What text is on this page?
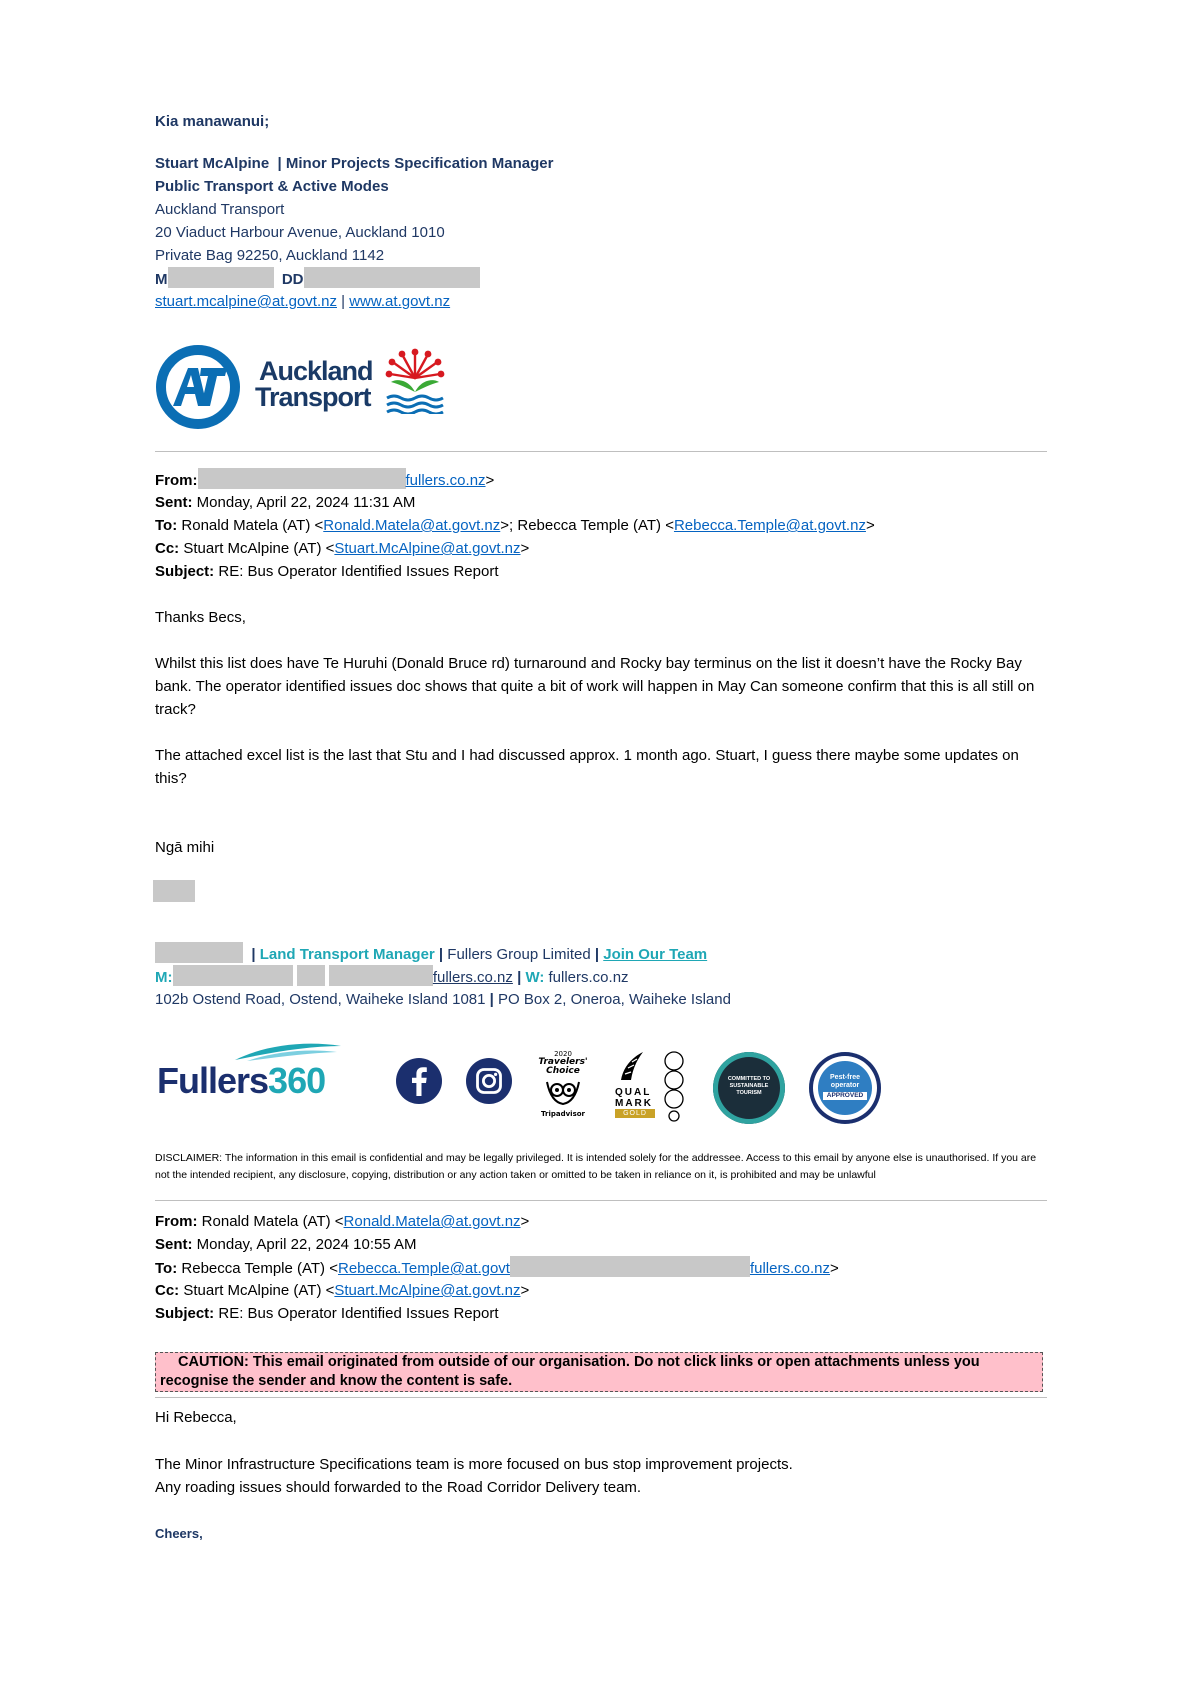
Kia manawanui;
Stuart McAlpine  | Minor Projects Specification Manager
Public Transport & Active Modes
Auckland Transport
20 Viaduct Harbour Avenue, Auckland 1010
Private Bag 92250, Auckland 1142
M	DD
stuart.mcalpine@at.govt.nz | www.at.govt.nz
Auckland
Transport
From:	fullers.co.nz>
Sent: Monday, April 22, 2024 11:31 AM
To: Ronald Matela (AT) <Ronald.Matela@at.govt.nz>; Rebecca Temple (AT) <Rebecca.Temple@at.govt.nz>
Cc: Stuart McAlpine (AT) <Stuart.McAlpine@at.govt.nz>
Subject: RE: Bus Operator Identified Issues Report
Thanks Becs,
Whilst this list does have Te Huruhi (Donald Bruce rd) turnaround and Rocky bay terminus on the list it doesn’t have the Rocky Bay bank. The operator identified issues doc shows that quite a bit of work will happen in May Can someone confirm that this is all still on track?
The attached excel list is the last that Stu and I had discussed approx. 1 month ago. Stuart, I guess there maybe some updates on this?
Ngā mihi
| Land Transport Manager | Fullers Group Limited | Join Our Team
M:	fullers.co.nz | W: fullers.co.nz
102b Ostend Road, Ostend, Waiheke Island 1081 | PO Box 2, Oneroa, Waiheke Island
Fullers360
2020
Travelers'
Choice
Tripadvisor
QUAL
MARK
GOLD
COMMITTED TO
SUSTAINABLE
TOURISM
Pest-free
operator
APPROVED
DISCLAIMER: The information in this email is confidential and may be legally privileged. It is intended solely for the addressee. Access to this email by anyone else is unauthorised. If you are not the intended recipient, any disclosure, copying, distribution or any action taken or omitted to be taken in reliance on it, is prohibited and may be unlawful
From: Ronald Matela (AT) <Ronald.Matela@at.govt.nz>
Sent: Monday, April 22, 2024 10:55 AM
To: Rebecca Temple (AT) <Rebecca.Temple@at.govt	fullers.co.nz>
Cc: Stuart McAlpine (AT) <Stuart.McAlpine@at.govt.nz>
Subject: RE: Bus Operator Identified Issues Report
CAUTION: This email originated from outside of our organisation. Do not click links or open attachments unless you recognise the sender and know the content is safe.
Hi Rebecca,
The Minor Infrastructure Specifications team is more focused on bus stop improvement projects.
Any roading issues should forwarded to the Road Corridor Delivery team.
Cheers,
